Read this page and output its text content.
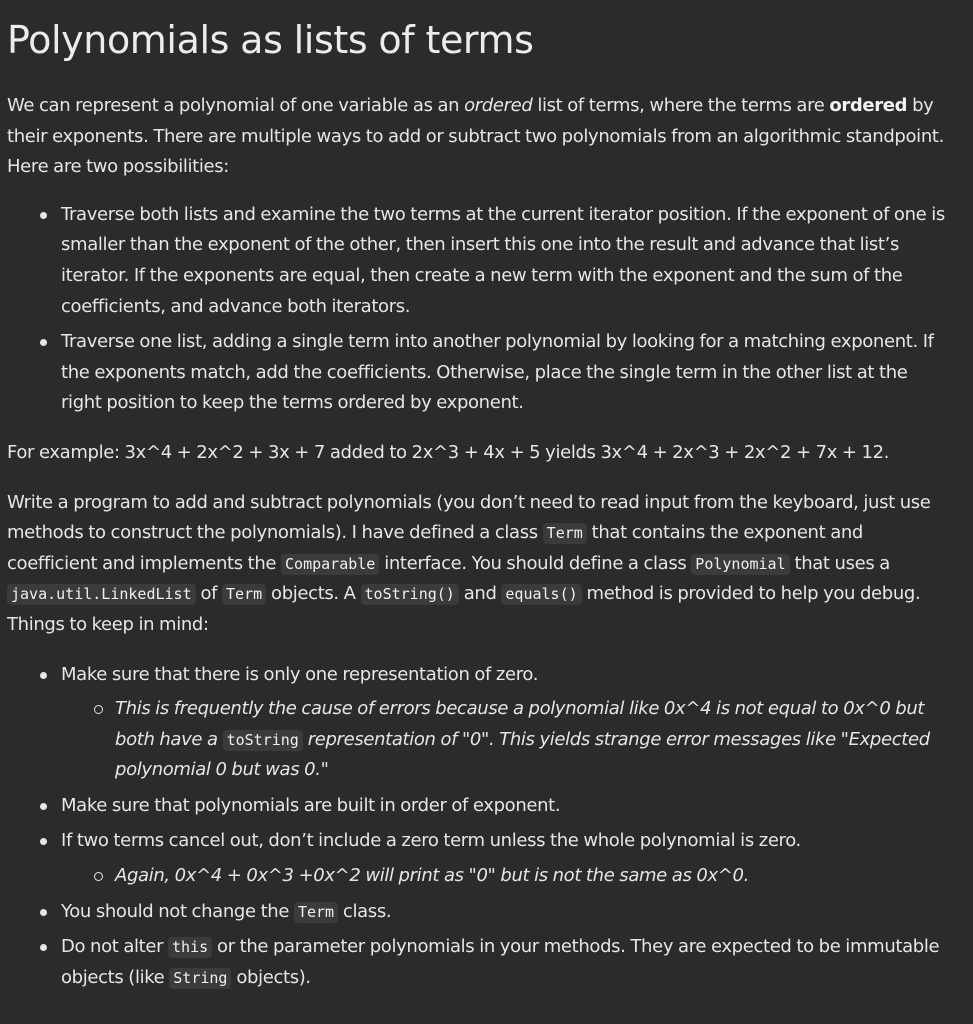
Polynomials as lists of terms

We can represent a polynomial of one variable as an ordered list of terms, where the terms are ordered by their exponents. There are multiple ways to add or subtract two polynomials from an algorithmic standpoint. Here are two possibilities:

Traverse both lists and examine the two terms at the current iterator position. If the exponent of one is smaller than the exponent of the other, then insert this one into the result and advance that list’s iterator. If the exponents are equal, then create a new term with the exponent and the sum of the coefficients, and advance both iterators.
Traverse one list, adding a single term into another polynomial by looking for a matching exponent. If the exponents match, add the coefficients. Otherwise, place the single term in the other list at the right position to keep the terms ordered by exponent.

For example: 3x^4 + 2x^2 + 3x + 7 added to 2x^3 + 4x + 5 yields 3x^4 + 2x^3 + 2x^2 + 7x + 12.

Write a program to add and subtract polynomials (you don’t need to read input from the keyboard, just use methods to construct the polynomials). I have defined a class Term that contains the exponent and coefficient and implements the Comparable interface. You should define a class Polynomial that uses a java.util.LinkedList of Term objects. A toString() and equals() method is provided to help you debug. Things to keep in mind:

Make sure that there is only one representation of zero.
This is frequently the cause of errors because a polynomial like 0x^4 is not equal to 0x^0 but both have a toString representation of "0". This yields strange error messages like "Expected polynomial 0 but was 0."
Make sure that polynomials are built in order of exponent.
If two terms cancel out, don’t include a zero term unless the whole polynomial is zero.
Again, 0x^4 + 0x^3 +0x^2 will print as "0" but is not the same as 0x^0.
You should not change the Term class.
Do not alter this or the parameter polynomials in your methods. They are expected to be immutable objects (like String objects).
